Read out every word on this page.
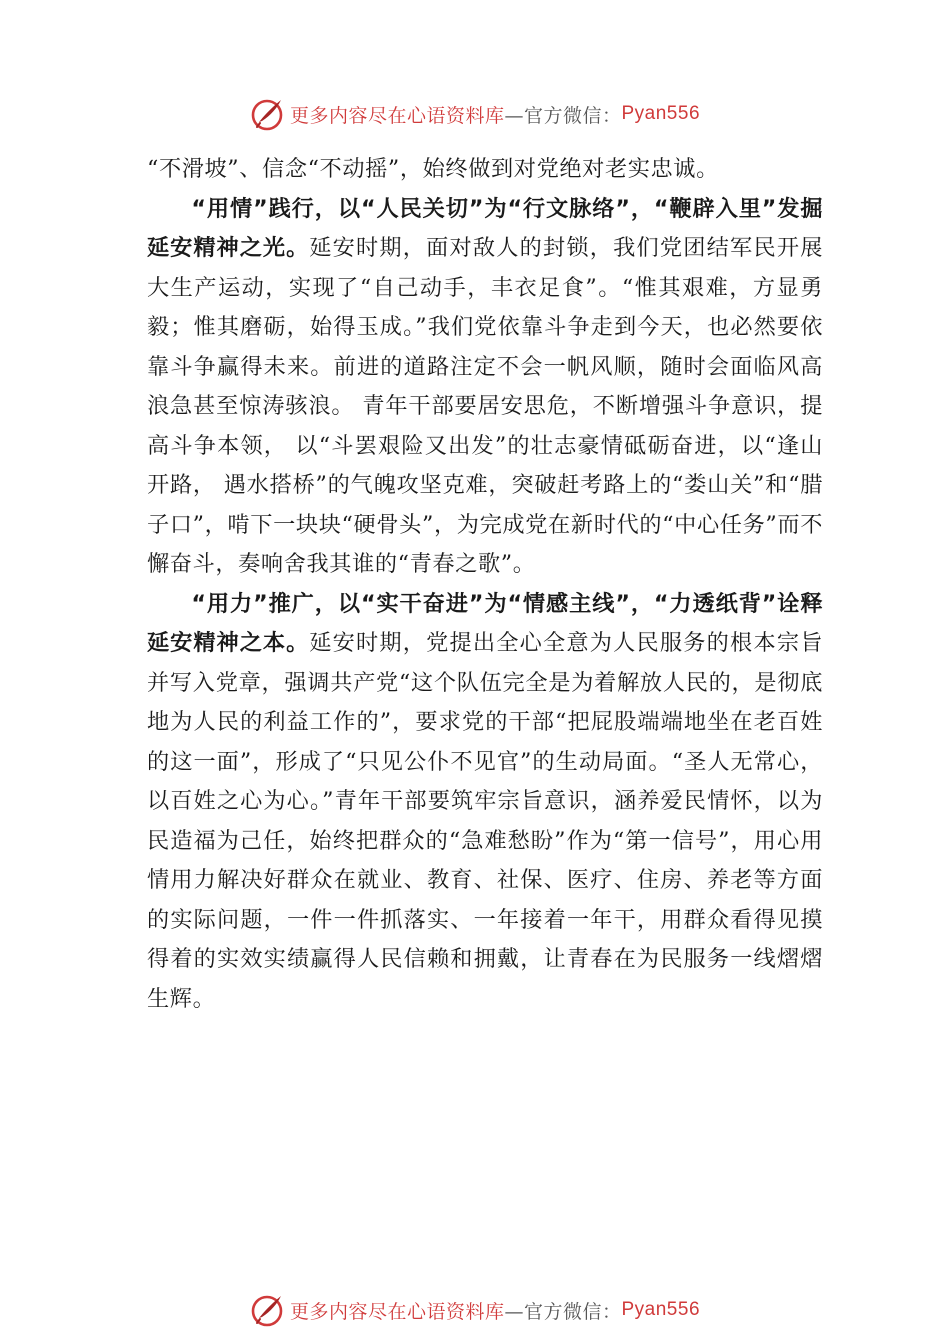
更多内容尽在心语资料库 —官方微信： Pyan556

“不滑坡”、信念“不动摇”，始终做到对党绝对老实忠诚。

“用情”践行，以“人民关切”为“行文脉络”，“鞭辟入里”发掘延安精神之光。延安时期，面对敌人的封锁，我们党团结军民开展大生产运动，实现了“自己动手，丰衣足食”。“惟其艰难，方显勇毅；惟其磨砺，始得玉成。”我们党依靠斗争走到今天，也必然要依靠斗争赢得未来。前进的道路注定不会一帆风顺，随时会面临风高浪急甚至惊涛骇浪。 青年干部要居安思危，不断增强斗争意识，提高斗争本领， 以“斗罢艰险又出发”的壮志豪情砥砺奋进，以“逢山开路， 遇水搭桥”的气魄攻坚克难，突破赶考路上的“娄山关”和“腊子口”，啃下一块块“硬骨头”，为完成党在新时代的“中心任务”而不懈奋斗，奏响舍我其谁的“青春之歌”。

“用力”推广，以“实干奋进”为“情感主线”，“力透纸背”诠释延安精神之本。延安时期，党提出全心全意为人民服务的根本宗旨并写入党章，强调共产党“这个队伍完全是为着解放人民的，是彻底地为人民的利益工作的”，要求党的干部“把屁股端端地坐在老百姓的这一面”，形成了“只见公仆不见官”的生动局面。“圣人无常心，以百姓之心为心。”青年干部要筑牢宗旨意识，涵养爱民情怀，以为民造福为己任，始终把群众的“急难愁盼”作为“第一信号”，用心用情用力解决好群众在就业、教育、社保、医疗、住房、养老等方面的实际问题，一件一件抓落实、一年接着一年干，用群众看得见摸得着的实效实绩赢得人民信赖和拥戴，让青春在为民服务一线熠熠生辉。

更多内容尽在心语资料库 —官方微信： Pyan556
